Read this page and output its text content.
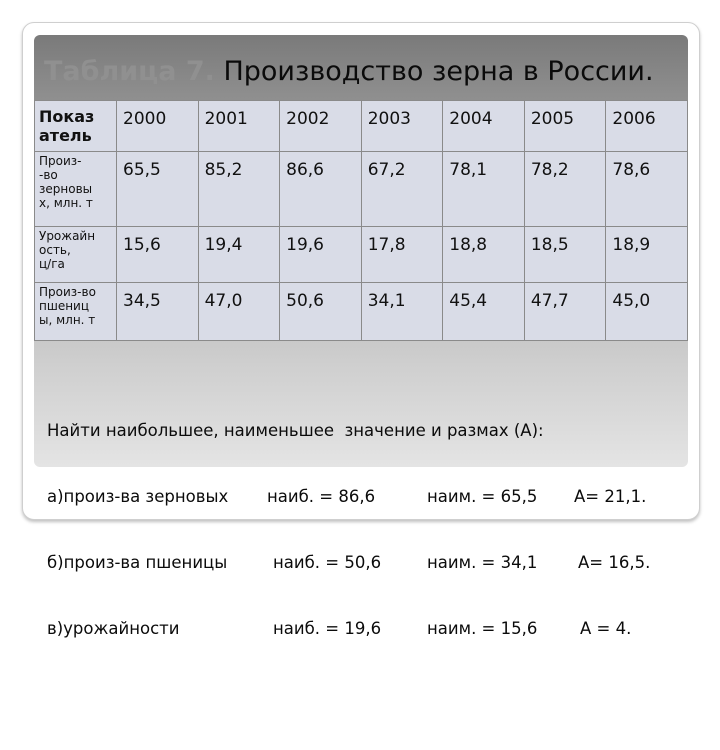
Таблица 7. Производство зерна в России.
Показ атель	2000	2001	2002	2003	2004	2005	2006

Произ-
-во
зерновы
х, млн. т	65,5	85,2	86,6	67,2	78,1	78,2	78,6

Урожайн
ость,
ц/га	15,6	19,4	19,6	17,8	18,8	18,5	18,9

Произ-во
пшениц
ы, млн. т	34,5	47,0	50,6	34,1	45,4	47,7	45,0

Найти наибольшее, наименьшее  значение и размах (А):

а)произ-ва зерновых

наиб. = 86,6

	наим. = 65,5

А= 21,1.

б)произ-ва пшеницы

	наиб. = 50,6

	наим. = 34,1

А= 16,5.

в)урожайности

	наиб. = 19,6

	наим. = 15,6

	А = 4.
